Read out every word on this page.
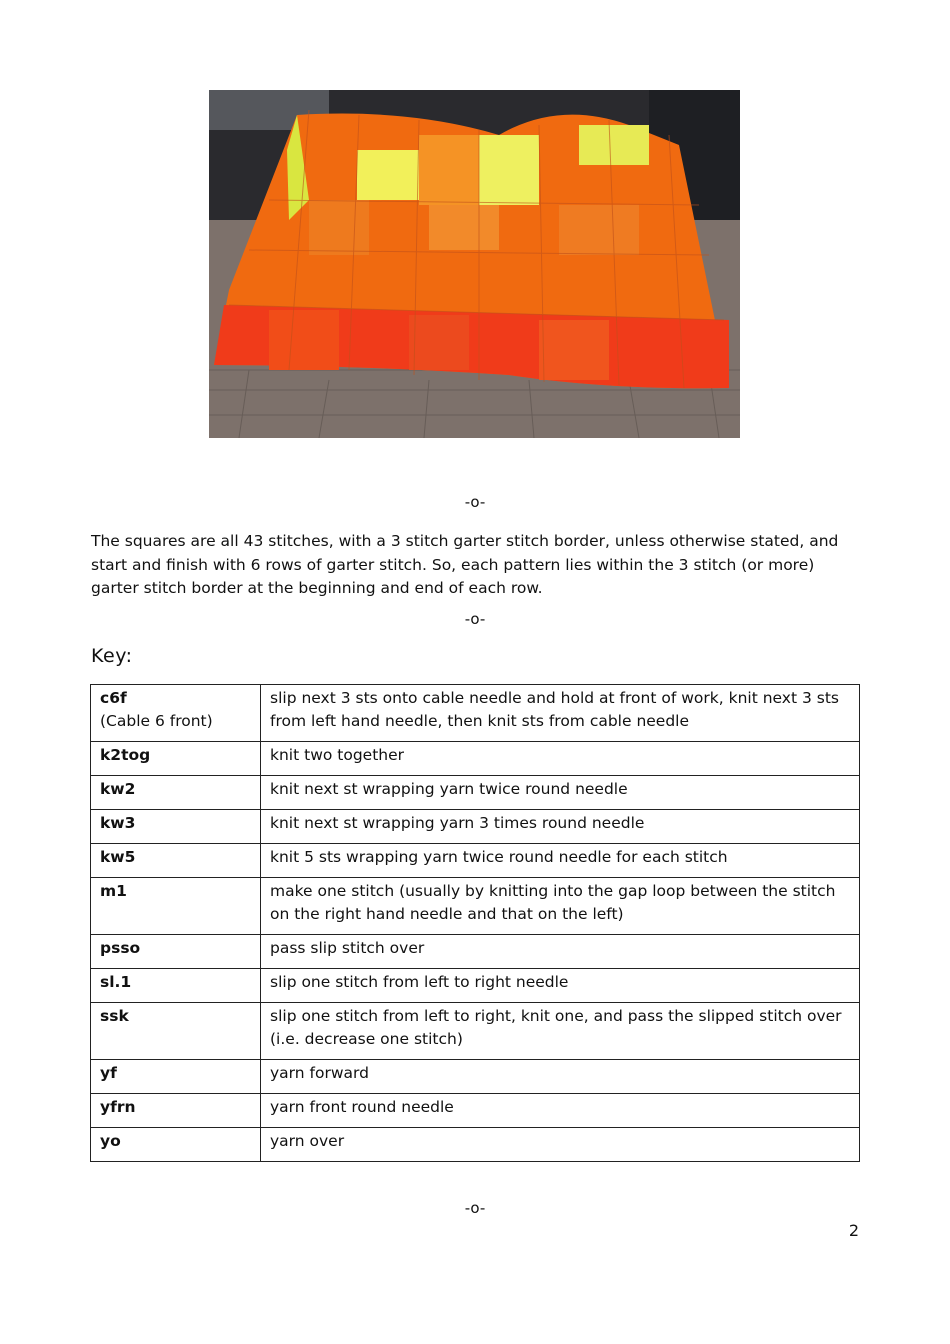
-o-

The squares are all 43 stitches, with a 3 stitch garter stitch border, unless otherwise stated, and start and finish with 6 rows of garter stitch. So, each pattern lies within the 3 stitch (or more) garter stitch border at the beginning and end of each row.

-o-
Key:
c6f
(Cable 6 front)	slip next 3 sts onto cable needle and hold at front of work, knit next 3 sts from left hand needle, then knit sts from cable needle
k2tog	knit two together
kw2	knit next st wrapping yarn twice round needle
kw3	knit next st wrapping yarn 3 times round needle
kw5	knit 5 sts wrapping yarn twice round needle for each stitch
m1	make one stitch (usually by knitting into the gap loop between the stitch on the right hand needle and that on the left)
psso	pass slip stitch over
sl.1	slip one stitch from left to right needle
ssk	slip one stitch from left to right, knit one, and pass the slipped stitch over (i.e. decrease one stitch)
yf	yarn forward
yfrn	yarn front round needle
yo	yarn over
-o-
2
